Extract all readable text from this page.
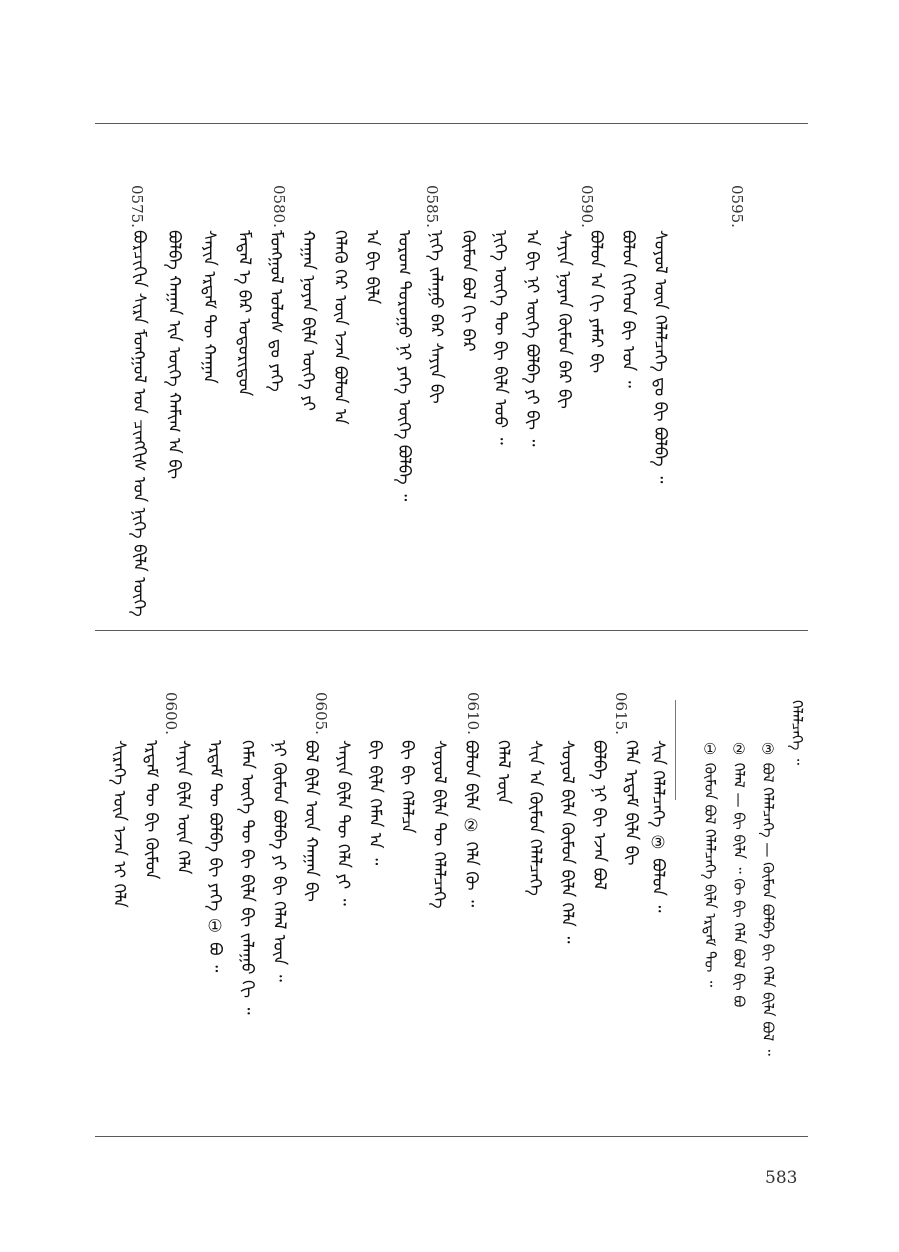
ᠪᠣᠷᠴᠢᠭᠢᠨ ᠰᠢᠷᠠ ᠮᠣᠩᠭᠣᠯ ᠤᠨ ᠴᠢᠩᠭᠢᠰ ᠣᠨ ᠨᠢᠭᠡ ᠪᠢᠯᠡ ᠦᠭᠡ ᠪᠣᠯᠪᠠ ᠬᠠᠭᠠᠨ ᠢᠨ ᠦᠭᠡ ᠬᠠᠮᠢᠭ ᠠ ᠪᠢ ᠰᠠᠶᠢᠨ ᠡᠷᠳᠡᠮ ᠲᠦ ᠬᠠᠭᠠᠨ ᠮᠡᠳᠡᠯ ᠡ ᠪᠠᠷ ᠤᠳᠤᠷᠢᠳᠤᠨ ᠮᠣᠩᠭᠣᠯ ᠤᠯᠤᠰ ᠳᠤ ᠶᠡᠬᠡ ᠬᠠᠭᠠᠨ ᠨᠣᠶᠠᠨ ᠪᠢᠯᠡ ᠦᠭᠡ ᠶᠢ ᠬᠡᠯᠡᠬᠦ ᠭᠡᠷ ᠦᠨ ᠡᠵᠡᠨ ᠪᠣᠯᠤᠨ ᠠ ᠠ ᠪᠢ ᠪᠢᠯᠡ ᠤᠷᠤᠭ ᠲᠤᠷᠤᠭᠤ ᠨᠢ ᠶᠡᠬᠡ ᠦᠭᠡ ᠪᠣᠯᠪᠠ ᠃ ᠨᠢᠭᠡ ᠵᠠᠯᠠᠭᠤ ᠪᠠᠷ ᠰᠠᠶᠢᠨ ᠪᠢ ᠬᠦᠮᠦᠨ ᠪᠣᠯ ᠬᠢ ᠪᠡᠷ ᠨᠢᠭᠡ ᠦᠭᠡ ᠲᠦ ᠪᠢ ᠪᠢᠯᠡ ᠣᠣ ᠃ ᠠ ᠪᠢ ᠨᠢ ᠦᠭᠡ ᠪᠣᠯᠪᠠ ᠶᠢ ᠪᠢ ᠃ ᠰᠠᠶᠢᠨ ᠨᠣᠶᠠᠨ ᠬᠦᠮᠦᠨ ᠪᠠᠷ ᠪᠢ ᠪᠣᠯᠣᠨ ᠠ ᠬᠢ ᠶᠠᠮᠠᠷ ᠪᠢ ᠪᠣᠯᠤᠨ ᠬᠢᠭᠡᠳ ᠪᠢ ᠣᠨ ᠃ ᠰᠣᠶᠣᠯ ᠦᠨ ᠬᠡᠯᠡᠯᠴᠡᠭᠡ ᠳᠤ ᠪᠢ ᠪᠣᠯᠪᠠ ᠃
0575.	0580.	0585.	0590.	0595.
ᠰᠢᠷᠡᠭᠡ ᠦᠨ ᠡᠵᠡᠨ ᠢ ᠬᠡᠯᠡ ᠡᠷᠳᠡᠮ ᠲᠦ ᠪᠢ ᠬᠦᠮᠦᠨ ᠰᠠᠶᠢᠨ ᠪᠢᠯᠡ ᠦᠨ ᠬᠡᠯᠡ ᠡᠷᠳᠡᠮ ᠲᠦ ᠪᠣᠯᠪᠠ ᠪᠢ ᠶᠡᠬᠡ ① ᠪᠣ ᠃ ᠬᠡᠮᠡᠨ ᠦᠭᠡ ᠲᠦ ᠪᠢ ᠪᠢᠯᠡ ᠪᠢ ᠵᠠᠯᠠᠭᠤ ᠬᠢ ᠃ ᠨᠢ ᠬᠦᠮᠦᠨ ᠪᠣᠯᠪᠠ ᠶᠢ ᠪᠢ ᠬᠡᠯᠡᠯ ᠦᠨ ᠃ ᠪᠣᠯ ᠪᠢᠯᠡ ᠦᠨ ᠬᠠᠭᠠᠨ ᠪᠢ ᠰᠠᠶᠢᠨ ᠪᠢᠯᠡ ᠲᠦ ᠬᠡᠯᠡ ᠶᠢ ᠃ ᠪᠢ ᠪᠢᠯᠡ ᠬᠡᠮᠡᠨ ᠠ ᠃ ᠪᠢ ᠪᠢ ᠬᠡᠯᠡᠯᠴᠡ ᠰᠣᠶᠣᠯ ᠪᠢᠯᠡ ᠲᠦ ᠬᠡᠯᠡᠯᠴᠡᠭᠡ ᠪᠣᠯᠤᠨ ᠪᠢᠯᠡ ② ᠬᠡᠯᠡ ᠬᠦ ᠃ ᠬᠡᠯᠡᠯ ᠦᠨ ᠰᠢᠨ ᠠ ᠬᠦᠮᠦᠨ ᠬᠡᠯᠡᠯᠴᠡᠭᠡ ᠰᠣᠶᠣᠯ ᠪᠢᠯᠡ ᠬᠦᠮᠦᠨ ᠪᠢᠯᠡ ᠬᠡᠯᠡ ᠃ ᠪᠣᠯᠪᠠ ᠨᠢ ᠪᠢ ᠡᠵᠡᠨ ᠪᠣᠯ ᠬᠡᠯᠡ ᠡᠷᠳᠡᠮ ᠪᠢᠯᠡ ᠪᠢ ᠰᠢᠨ ᠬᠡᠯᠡᠯᠴᠡᠭᠡ ③ ᠪᠣᠯᠤᠨ ᠃
0600.	0605.	0610.	0615.
① ᠬᠦᠮᠦᠨ ᠪᠣᠯ ᠬᠡᠯᠡᠯᠴᠡᠭᠡ ᠪᠢᠯᠡ ᠡᠷᠳᠡᠮ ᠲᠦ ᠃ ② ᠬᠡᠯᠡᠯ — ᠪᠢ ᠪᠢᠯᠡ ᠃ ᠬᠦ ᠪᠢ ᠬᠡᠯᠡ ᠪᠣᠯ ᠪᠢ ᠪᠣ ③ ᠪᠣᠯ ᠬᠡᠯᠡᠯᠴᠡᠭᠡ — ᠬᠦᠮᠦᠨ ᠪᠣᠯᠪᠠ ᠪᠢ ᠬᠡᠯᠡ ᠪᠢᠯᠡ ᠪᠣᠯ ᠃
ᠬᠡᠯᠡᠯᠴᠡᠭᠡ ᠃
583
